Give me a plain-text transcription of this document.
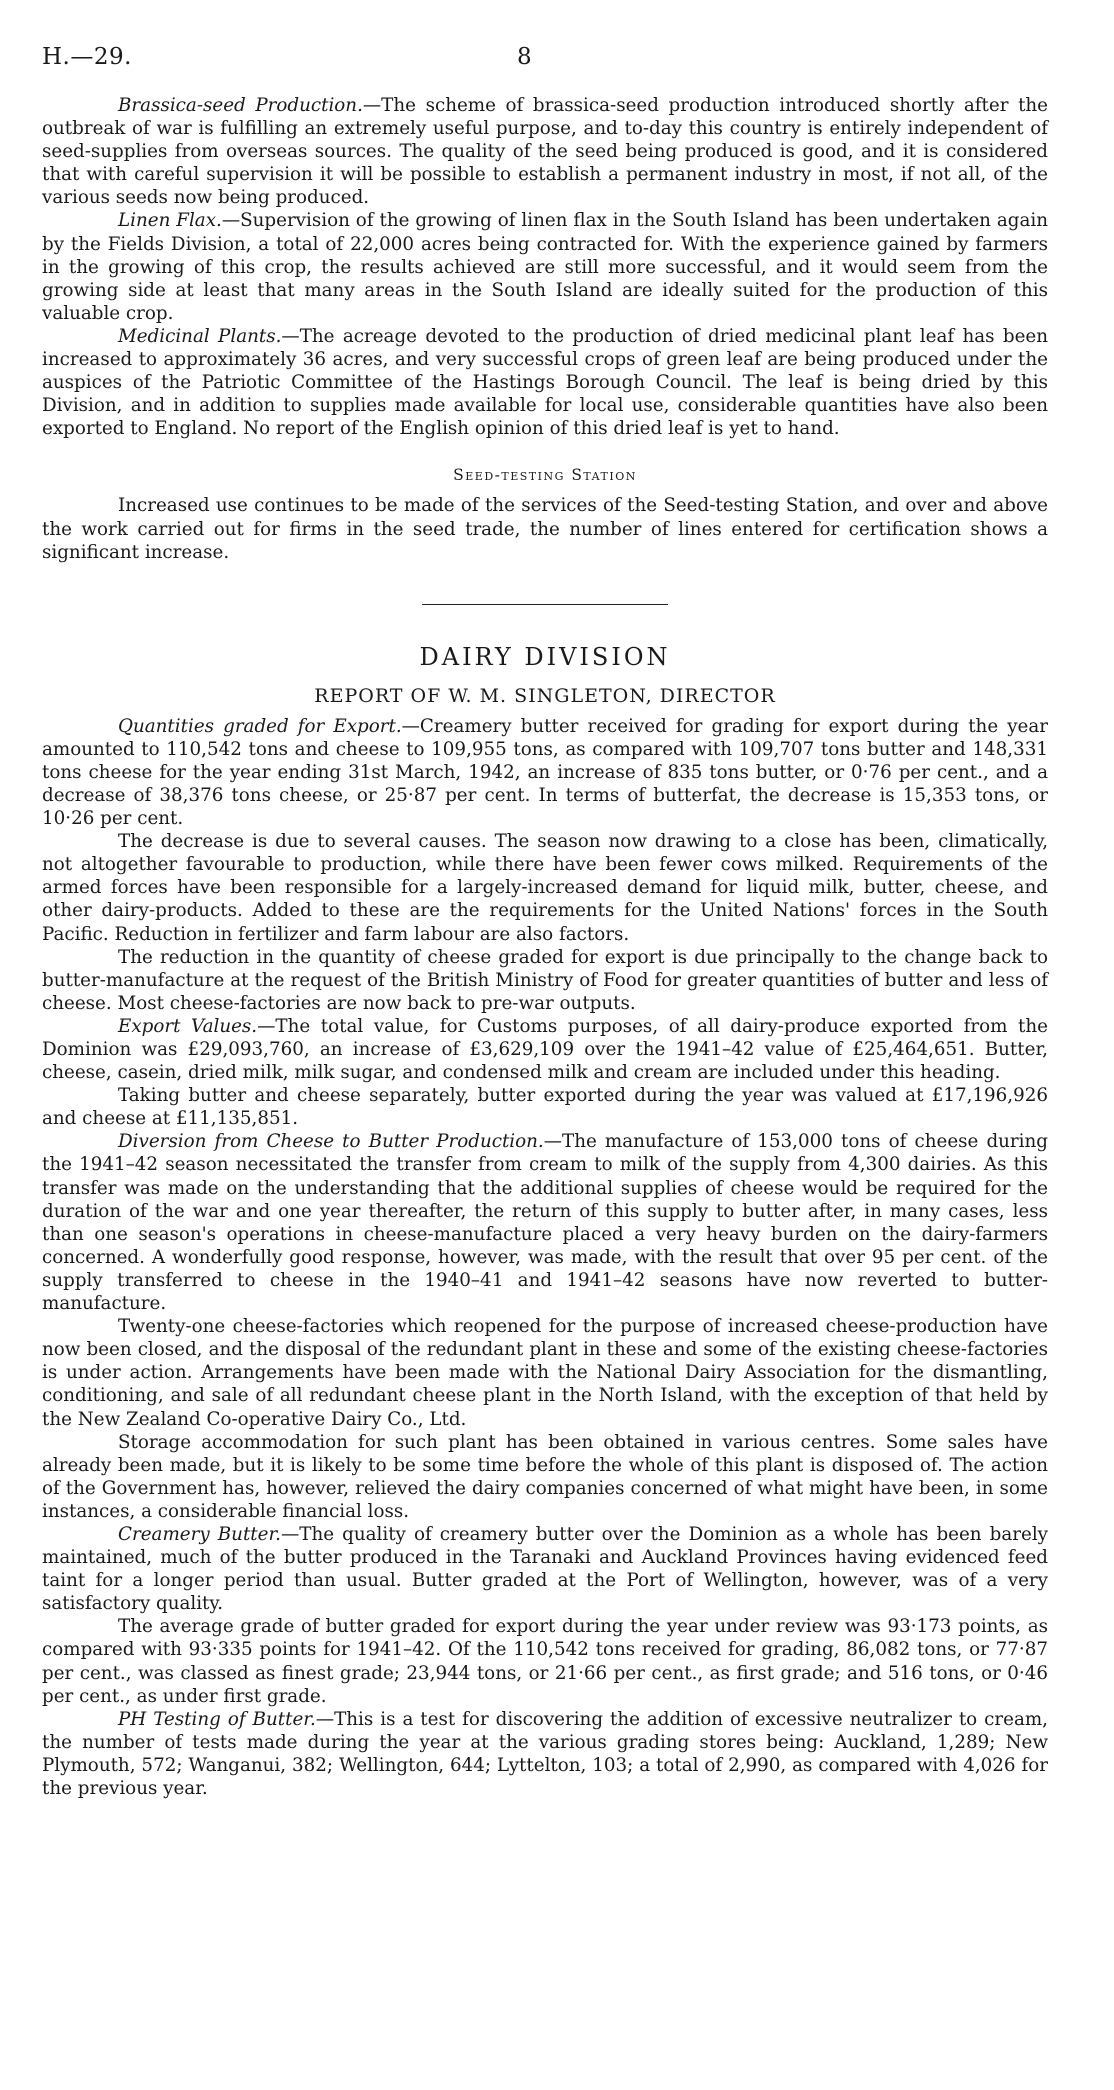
H.—29.	8

Brassica-seed Production.—The scheme of brassica-seed production introduced shortly after the outbreak of war is fulfilling an extremely useful purpose, and to-day this country is entirely independent of seed-supplies from overseas sources. The quality of the seed being produced is good, and it is considered that with careful supervision it will be possible to establish a permanent industry in most, if not all, of the various seeds now being produced.

Linen Flax.—Supervision of the growing of linen flax in the South Island has been undertaken again by the Fields Division, a total of 22,000 acres being contracted for. With the experience gained by farmers in the growing of this crop, the results achieved are still more successful, and it would seem from the growing side at least that many areas in the South Island are ideally suited for the production of this valuable crop.

Medicinal Plants.—The acreage devoted to the production of dried medicinal plant leaf has been increased to approximately 36 acres, and very successful crops of green leaf are being produced under the auspices of the Patriotic Committee of the Hastings Borough Council. The leaf is being dried by this Division, and in addition to supplies made available for local use, considerable quantities have also been exported to England. No report of the English opinion of this dried leaf is yet to hand.

Seed-testing Station

Increased use continues to be made of the services of the Seed-testing Station, and over and above the work carried out for firms in the seed trade, the number of lines entered for certification shows a significant increase.

DAIRY DIVISION
REPORT OF W. M. SINGLETON, DIRECTOR

Quantities graded for Export.—Creamery butter received for grading for export during the year amounted to 110,542 tons and cheese to 109,955 tons, as compared with 109,707 tons butter and 148,331 tons cheese for the year ending 31st March, 1942, an increase of 835 tons butter, or 0·76 per cent., and a decrease of 38,376 tons cheese, or 25·87 per cent. In terms of butterfat, the decrease is 15,353 tons, or 10·26 per cent.

The decrease is due to several causes. The season now drawing to a close has been, climatically, not altogether favourable to production, while there have been fewer cows milked. Requirements of the armed forces have been responsible for a largely-increased demand for liquid milk, butter, cheese, and other dairy-products. Added to these are the requirements for the United Nations' forces in the South Pacific. Reduction in fertilizer and farm labour are also factors.

The reduction in the quantity of cheese graded for export is due principally to the change back to butter-manufacture at the request of the British Ministry of Food for greater quantities of butter and less of cheese. Most cheese-factories are now back to pre-war outputs.

Export Values.—The total value, for Customs purposes, of all dairy-produce exported from the Dominion was £29,093,760, an increase of £3,629,109 over the 1941–42 value of £25,464,651. Butter, cheese, casein, dried milk, milk sugar, and condensed milk and cream are included under this heading.

Taking butter and cheese separately, butter exported during the year was valued at £17,196,926 and cheese at £11,135,851.

Diversion from Cheese to Butter Production.—The manufacture of 153,000 tons of cheese during the 1941–42 season necessitated the transfer from cream to milk of the supply from 4,300 dairies. As this transfer was made on the understanding that the additional supplies of cheese would be required for the duration of the war and one year thereafter, the return of this supply to butter after, in many cases, less than one season's operations in cheese-manufacture placed a very heavy burden on the dairy-farmers concerned. A wonderfully good response, however, was made, with the result that over 95 per cent. of the supply transferred to cheese in the 1940–41 and 1941–42 seasons have now reverted to butter-manufacture.

Twenty-one cheese-factories which reopened for the purpose of increased cheese-production have now been closed, and the disposal of the redundant plant in these and some of the existing cheese-factories is under action. Arrangements have been made with the National Dairy Association for the dismantling, conditioning, and sale of all redundant cheese plant in the North Island, with the exception of that held by the New Zealand Co-operative Dairy Co., Ltd.

Storage accommodation for such plant has been obtained in various centres. Some sales have already been made, but it is likely to be some time before the whole of this plant is disposed of. The action of the Government has, however, relieved the dairy companies concerned of what might have been, in some instances, a considerable financial loss.

Creamery Butter.—The quality of creamery butter over the Dominion as a whole has been barely maintained, much of the butter produced in the Taranaki and Auckland Provinces having evidenced feed taint for a longer period than usual. Butter graded at the Port of Wellington, however, was of a very satisfactory quality.

The average grade of butter graded for export during the year under review was 93·173 points, as compared with 93·335 points for 1941–42. Of the 110,542 tons received for grading, 86,082 tons, or 77·87 per cent., was classed as finest grade; 23,944 tons, or 21·66 per cent., as first grade; and 516 tons, or 0·46 per cent., as under first grade.

PH Testing of Butter.—This is a test for discovering the addition of excessive neutralizer to cream, the number of tests made during the year at the various grading stores being: Auckland, 1,289; New Plymouth, 572; Wanganui, 382; Wellington, 644; Lyttelton, 103; a total of 2,990, as compared with 4,026 for the previous year.
